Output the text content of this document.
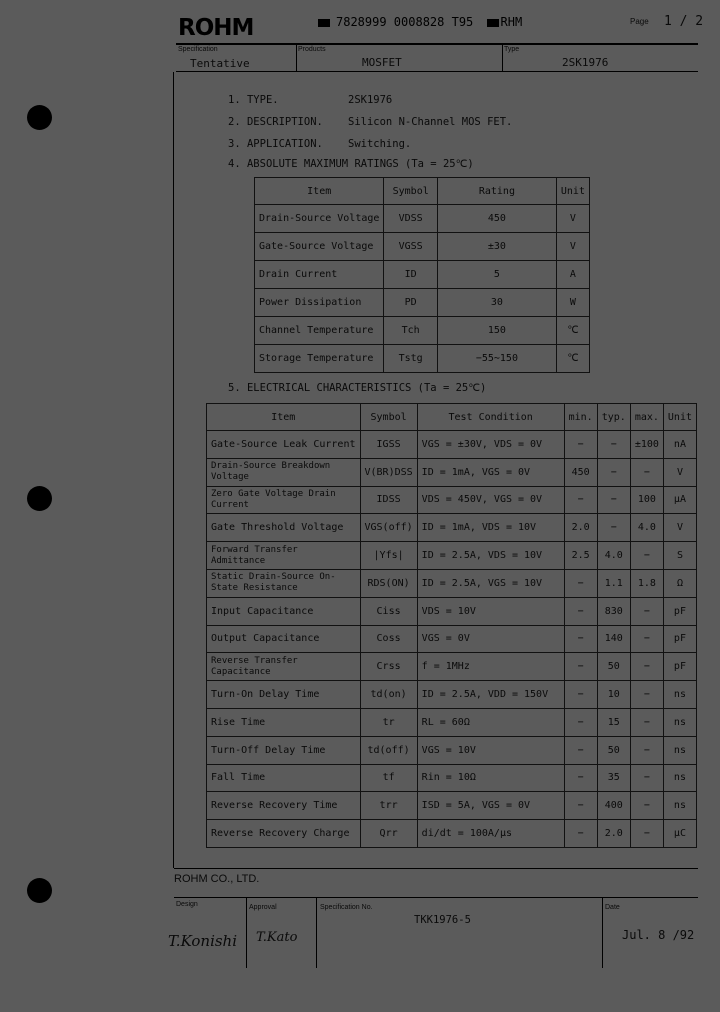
ROHM	7828999 0008828 T95 RHM	Page 1 / 2
Specification	Products	Type
Tentative	MOSFET	2SK1976
1. TYPE.	2SK1976
2. DESCRIPTION. Silicon N-Channel MOS FET.
3. APPLICATION. Switching.
4. ABSOLUTE MAXIMUM RATINGS (Ta = 25℃)
Item	Symbol	Rating	Unit
Drain-Source Voltage	VDSS	450	V
Gate-Source Voltage	VGSS	±30	V
Drain Current	ID	5	A
Power Dissipation	PD	30	W
Channel Temperature	Tch	150	℃
Storage Temperature	Tstg	−55∼150	℃
5. ELECTRICAL CHARACTERISTICS (Ta = 25℃)
Item	Symbol	Test Condition	min.	typ.	max.	Unit
Gate-Source Leak Current	IGSS	VGS = ±30V, VDS = 0V	−	−	±100	nA
Drain-Source Breakdown Voltage	V(BR)DSS	ID = 1mA, VGS = 0V	450	−	−	V
Zero Gate Voltage Drain Current	IDSS	VDS = 450V, VGS = 0V	−	−	100	μA
Gate Threshold Voltage	VGS(off)	ID = 1mA, VDS = 10V	2.0	−	4.0	V
Forward Transfer Admittance	|Yfs|	ID = 2.5A, VDS = 10V	2.5	4.0	−	S
Static Drain-Source On-State Resistance	RDS(ON)	ID = 2.5A, VGS = 10V	−	1.1	1.8	Ω
Input Capacitance	Ciss	VDS = 10V	−	830	−	pF
Output Capacitance	Coss	VGS = 0V	−	140	−	pF
Reverse Transfer Capacitance	Crss	f = 1MHz	−	50	−	pF
Turn-On Delay Time	td(on)	ID = 2.5A, VDD = 150V	−	10	−	ns
Rise Time	tr	RL = 60Ω	−	15	−	ns
Turn-Off Delay Time	td(off)	VGS = 10V	−	50	−	ns
Fall Time	tf	Rin = 10Ω	−	35	−	ns
Reverse Recovery Time	trr	ISD = 5A, VGS = 0V	−	400	−	ns
Reverse Recovery Charge	Qrr	di/dt = 100A/μs	−	2.0	−	μC
ROHM CO., LTD.
Design	Approval	Specification No.	Date
T.Konishi T.Kato
TKK1976-5
Jul. 8 /92
